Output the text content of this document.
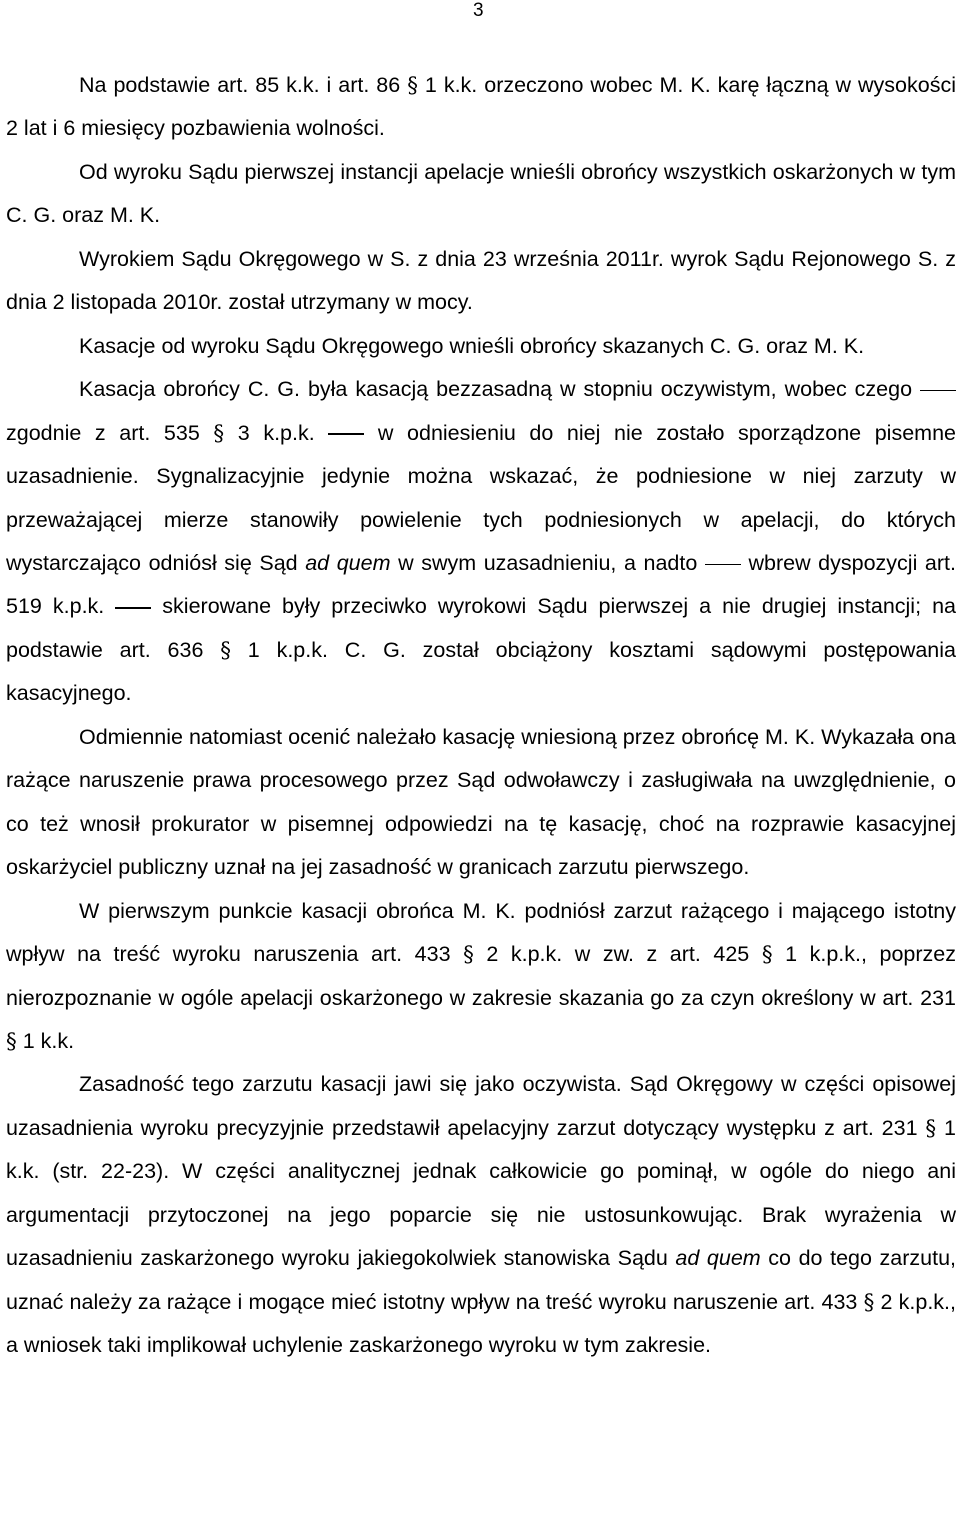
3

Na podstawie art. 85 k.k. i art. 86 § 1 k.k. orzeczono wobec M. K. karę łączną w wysokości 2 lat i 6 miesięcy pozbawienia wolności.

Od wyroku Sądu pierwszej instancji apelacje wnieśli obrońcy wszystkich oskarżonych w tym C. G. oraz M. K.

Wyrokiem Sądu Okręgowego w S. z dnia 23 września 2011r. wyrok Sądu Rejonowego S. z dnia 2 listopada 2010r. został utrzymany w mocy.

Kasacje od wyroku Sądu Okręgowego wnieśli obrońcy skazanych C. G. oraz M. K.

Kasacja obrońcy C. G. była kasacją bezzasadną w stopniu oczywistym, wobec czego  zgodnie z art. 535 § 3 k.p.k.  w odniesieniu do niej nie zostało sporządzone pisemne uzasadnienie. Sygnalizacyjnie jedynie można wskazać, że podniesione w niej zarzuty w przeważającej mierze stanowiły powielenie tych podniesionych w apelacji, do których wystarczająco odniósł się Sąd ad quem w swym uzasadnieniu, a nadto  wbrew dyspozycji art. 519 k.p.k.  skierowane były przeciwko wyrokowi Sądu pierwszej a nie drugiej instancji; na podstawie art. 636 § 1 k.p.k. C. G. został obciążony kosztami sądowymi postępowania kasacyjnego.

Odmiennie natomiast ocenić należało kasację wniesioną przez obrońcę M. K. Wykazała ona rażące naruszenie prawa procesowego przez Sąd odwoławczy i zasługiwała na uwzględnienie, o co też wnosił prokurator w pisemnej odpowiedzi na tę kasację, choć na rozprawie kasacyjnej oskarżyciel publiczny uznał na jej zasadność w granicach zarzutu pierwszego.

W pierwszym punkcie kasacji obrońca M. K. podniósł zarzut rażącego i mającego istotny wpływ na treść wyroku naruszenia art. 433 § 2 k.p.k. w zw. z art. 425 § 1 k.p.k., poprzez nierozpoznanie w ogóle apelacji oskarżonego w zakresie skazania go za czyn określony w art. 231 § 1 k.k.

Zasadność tego zarzutu kasacji jawi się jako oczywista. Sąd Okręgowy w części opisowej uzasadnienia wyroku precyzyjnie przedstawił apelacyjny zarzut dotyczący występku z art. 231 § 1 k.k. (str. 22-23). W części analitycznej jednak całkowicie go pominął, w ogóle do niego ani argumentacji przytoczonej na jego poparcie się nie ustosunkowując. Brak wyrażenia w uzasadnieniu zaskarżonego wyroku jakiegokolwiek stanowiska Sądu ad quem co do tego zarzutu, uznać należy za rażące i mogące mieć istotny wpływ na treść wyroku naruszenie art. 433 § 2 k.p.k., a wniosek taki implikował uchylenie zaskarżonego wyroku w tym zakresie.
